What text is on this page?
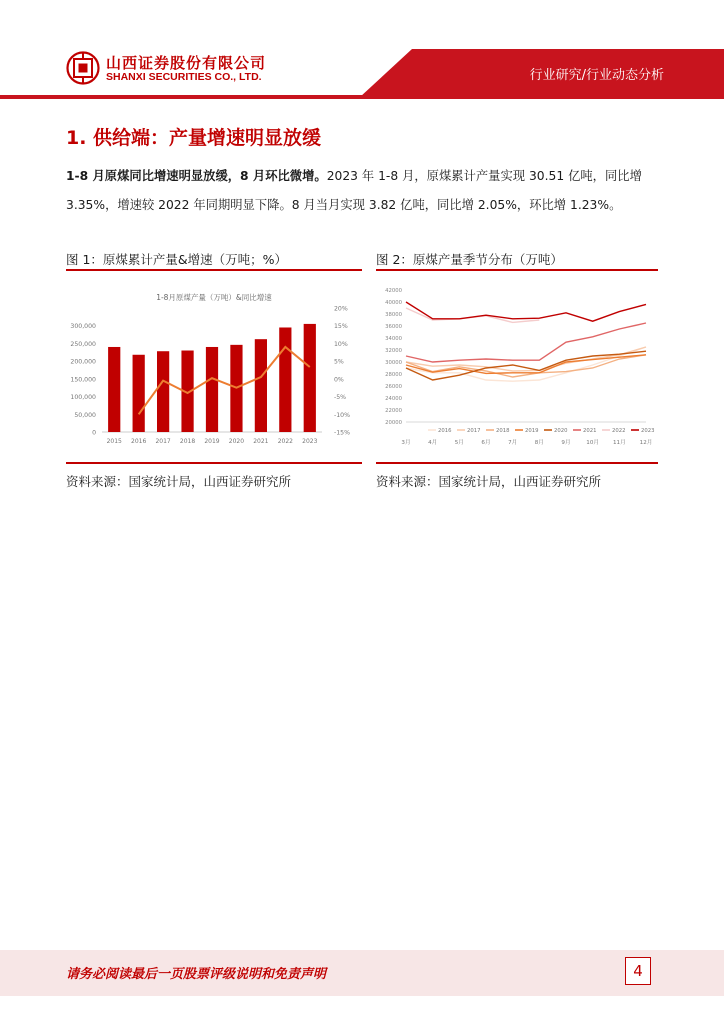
山西证券股份有限公司
SHANXI SECURITIES CO., LTD.	行业研究/行业动态分析
1. 供给端：产量增速明显放缓
1-8 月原煤同比增速明显放缓，8 月环比微增。2023 年 1-8 月，原煤累计产量实现 30.51 亿吨，同比增
3.35%，增速较 2022 年同期明显下降。8 月当月实现 3.82 亿吨，同比增 2.05%，环比增 1.23%。
图 1：原煤累计产量&增速（万吨；%）
1-8月原煤产量（万吨）&同比增速
0
50,000
100,000
150,000
200,000
250,000
300,000
-15%
-10%
-5%
0%
5%
10%
15%
20%
2015 2016 2017 2018 2019 2020 2021 2022 2023
资料来源：国家统计局，山西证券研究所
图 2：原煤产量季节分布（万吨）
20000
22000
24000
26000
28000
30000
32000
34000
36000
38000
40000
42000
3月	4月	5月	6月	7月	8月	9月	10月 11月 12月
2016	2017	2018	2019	2020	2021	2022	2023
资料来源：国家统计局，山西证券研究所
请务必阅读最后一页股票评级说明和免责声明	4
